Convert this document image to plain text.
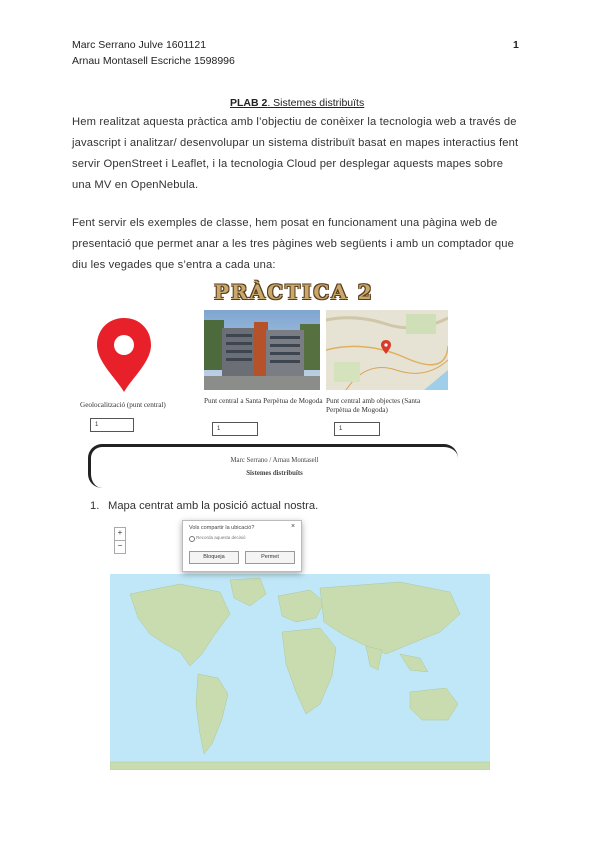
Marc Serrano Julve 1601121
Arnau Montasell Escriche 1598996
1
PLAB 2. Sistemes distribuïts

Hem realitzat aquesta pràctica amb l’objectiu de conèixer la tecnologia web a través de

javascript i analitzar/ desenvolupar un sistema distribuït basat en mapes interactius fent

servir OpenStreet i Leaflet, i la tecnologia Cloud per desplegar aquests mapes sobre

una MV en OpenNebula.

Fent servir els exemples de classe, hem posat en funcionament una pàgina web de

presentació que permet anar a les tres pàgines web següents i amb un comptador que

diu les vegades que s’entra a cada una:

PRÀCTICA 2
Geolocalització (punt central)
1
Punt central a Santa Perpètua de Mogoda
1
Punt central amb objectes (Santa Perpètua de Mogoda)
1
Marc Serrano / Arnau Montasell
Sistemes distribuïts
1. Mapa centrat amb la posició actual nostra.
+
−
Vols compartir la ubicació?	×
Recorda aquesta decisió
Bloqueja	Permet
